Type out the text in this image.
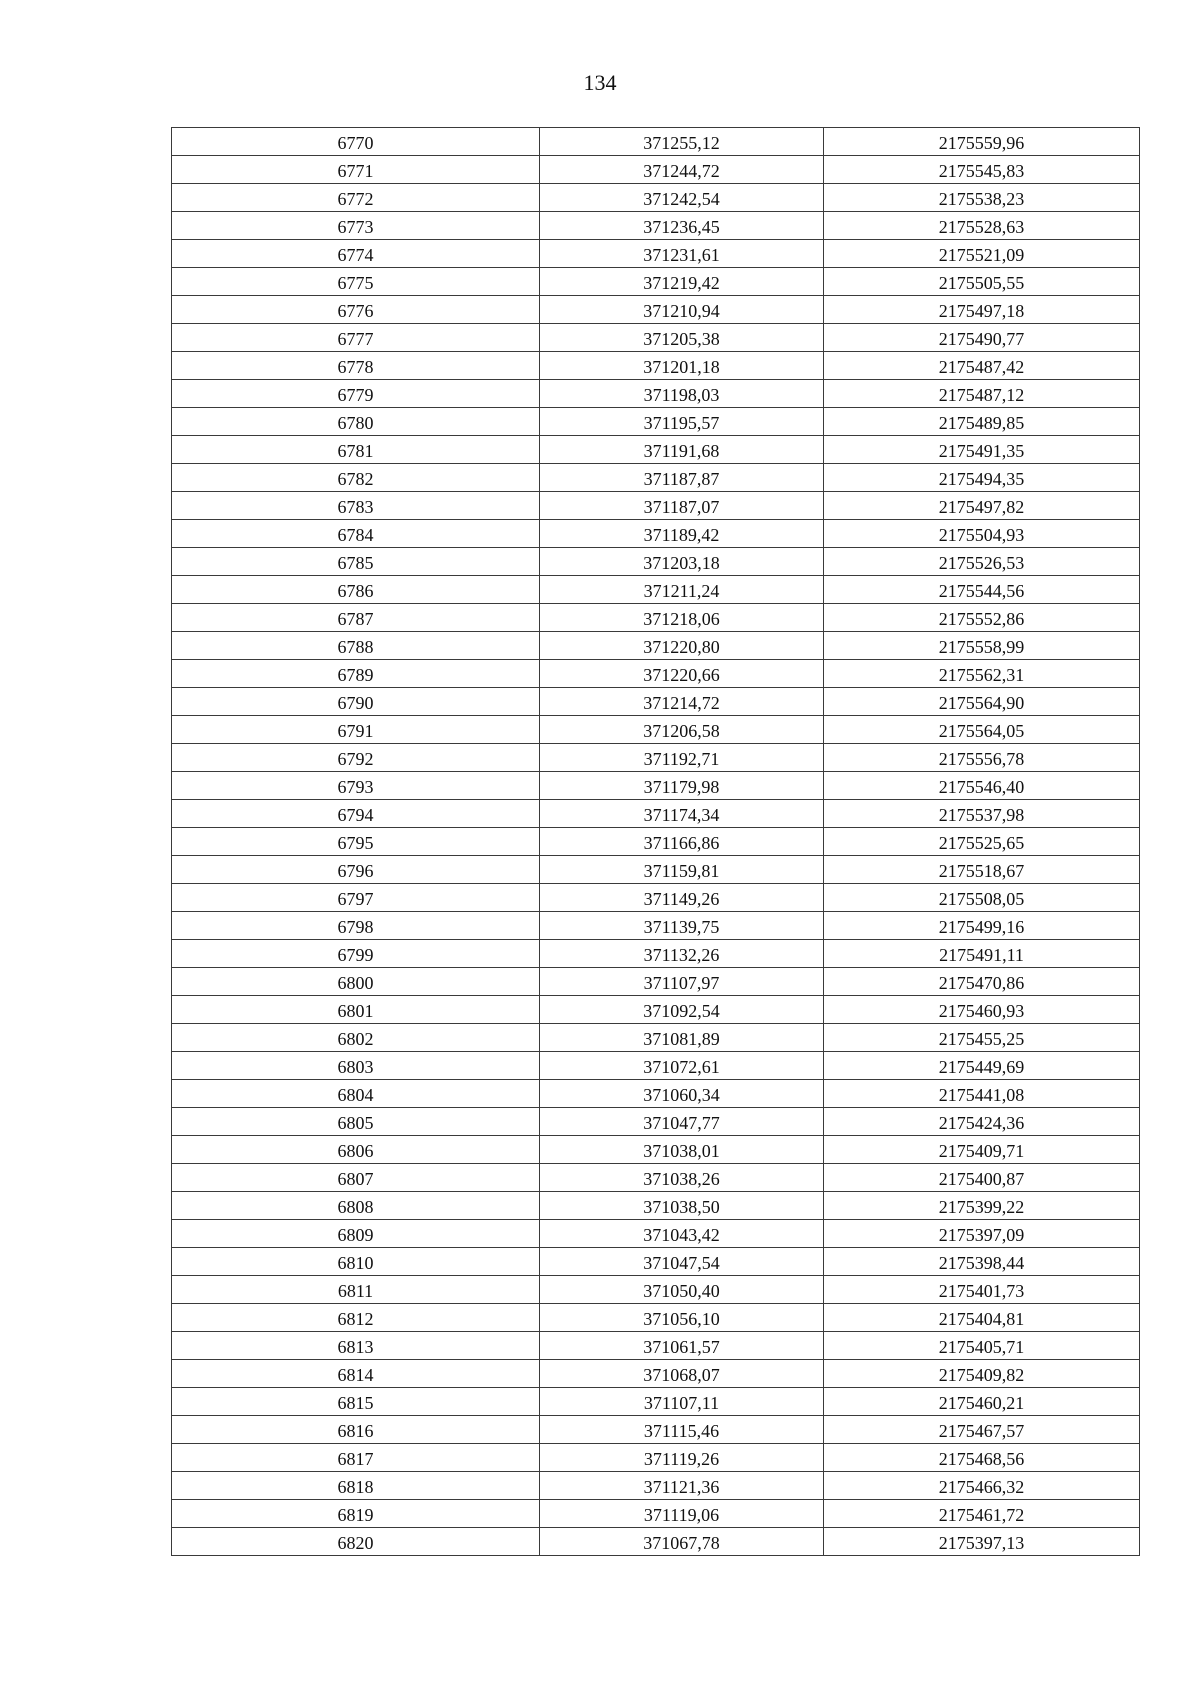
134
6770	371255,12	2175559,96
6771	371244,72	2175545,83
6772	371242,54	2175538,23
6773	371236,45	2175528,63
6774	371231,61	2175521,09
6775	371219,42	2175505,55
6776	371210,94	2175497,18
6777	371205,38	2175490,77
6778	371201,18	2175487,42
6779	371198,03	2175487,12
6780	371195,57	2175489,85
6781	371191,68	2175491,35
6782	371187,87	2175494,35
6783	371187,07	2175497,82
6784	371189,42	2175504,93
6785	371203,18	2175526,53
6786	371211,24	2175544,56
6787	371218,06	2175552,86
6788	371220,80	2175558,99
6789	371220,66	2175562,31
6790	371214,72	2175564,90
6791	371206,58	2175564,05
6792	371192,71	2175556,78
6793	371179,98	2175546,40
6794	371174,34	2175537,98
6795	371166,86	2175525,65
6796	371159,81	2175518,67
6797	371149,26	2175508,05
6798	371139,75	2175499,16
6799	371132,26	2175491,11
6800	371107,97	2175470,86
6801	371092,54	2175460,93
6802	371081,89	2175455,25
6803	371072,61	2175449,69
6804	371060,34	2175441,08
6805	371047,77	2175424,36
6806	371038,01	2175409,71
6807	371038,26	2175400,87
6808	371038,50	2175399,22
6809	371043,42	2175397,09
6810	371047,54	2175398,44
6811	371050,40	2175401,73
6812	371056,10	2175404,81
6813	371061,57	2175405,71
6814	371068,07	2175409,82
6815	371107,11	2175460,21
6816	371115,46	2175467,57
6817	371119,26	2175468,56
6818	371121,36	2175466,32
6819	371119,06	2175461,72
6820	371067,78	2175397,13
